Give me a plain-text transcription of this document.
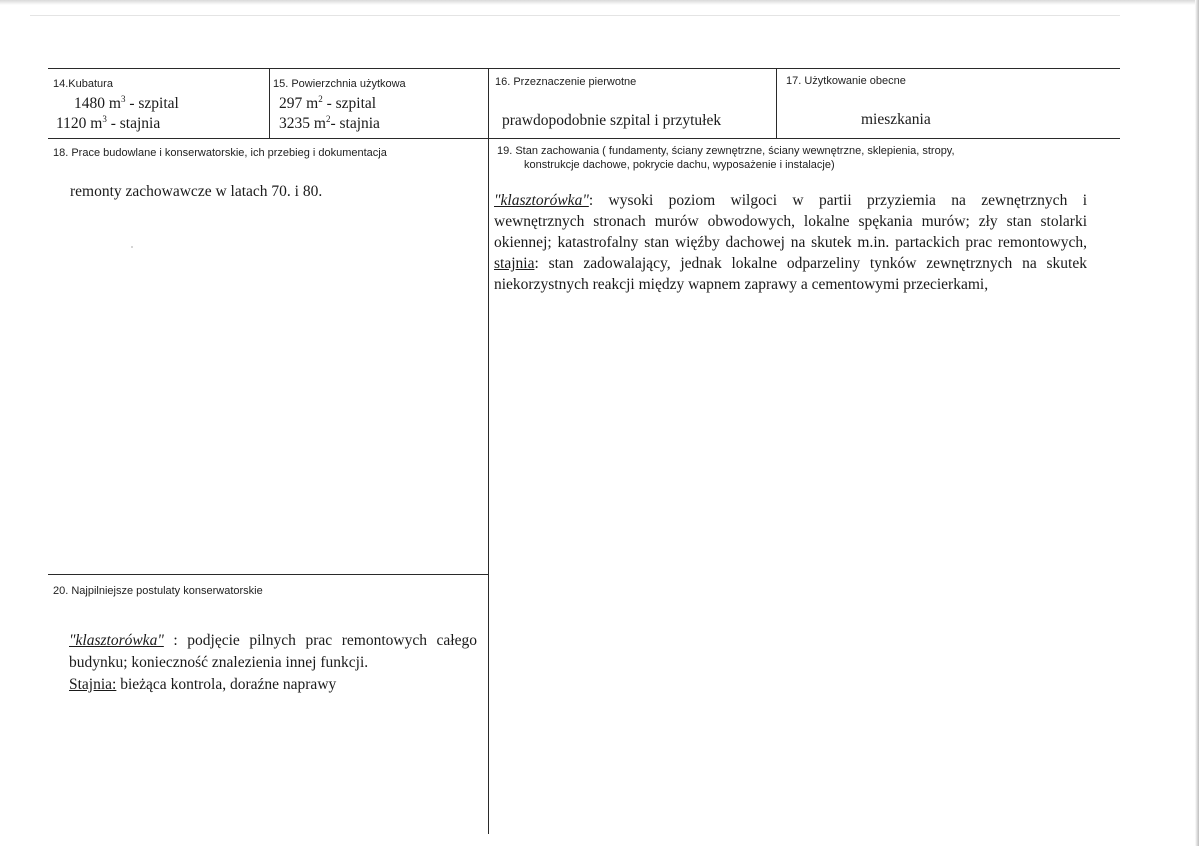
14.Kubatura
1480 $m^3$ - szpital
1120 $m^3$ - stajnia
15. Powierzchnia użytkowa
297 $m^2$ - szpital
3235 $m^2-$ stajnia
16. Przeznaczenie pierwotne
prawdopodobnie szpital i przytułek
17. Użytkowanie obecne
mieszkania
18. Prace budowlane i konserwatorskie, ich przebieg i dokumentacja
remonty zachowawcze w latach 70. i 80.
19. Stan zachowania ( fundamenty, ściany zewnętrzne, ściany wewnętrzne, sklepienia, stropy,
konstrukcje dachowe, pokrycie dachu, wyposażenie i instalacje)
"klasztorówka": wysoki poziom wilgoci w partii przyziemia na zewnętrznych i
wewnętrznych stronach murów obwodowych, lokalne spękania murów; zły stan stolarki
okiennej; katastrofalny stan więźby dachowej na skutek m.in. partackich prac remontowych,
stajnia: stan zadowalający, jednak lokalne odparzeliny tynków zewnętrznych na skutek
niekorzystnych reakcji między wapnem zaprawy a cementowymi przecierkami,
20. Najpilniejsze postulaty konserwatorskie
"klasztorówka" : podjęcie pilnych prac remontowych całego
budynku; konieczność znalezienia innej funkcji.
Stajnia: bieżąca kontrola, doraźne naprawy
